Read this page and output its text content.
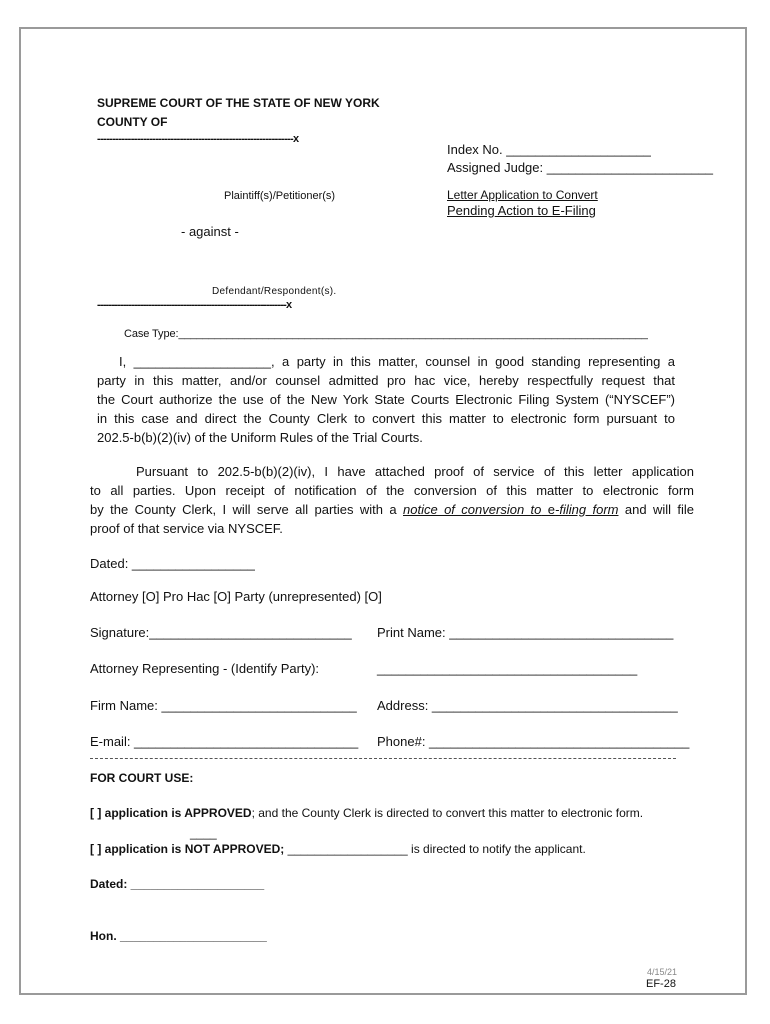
SUPREME COURT OF THE STATE OF NEW YORK
COUNTY OF
----------------------------------------------------------------x
Plaintiff(s)/Petitioner(s)
- against -
Defendant/Respondent(s).
------------------------------------------------------------------x
Index No. ____________________
Assigned Judge: _______________________
Letter Application to Convert
Pending Action to E-Filing
Case Type:______________________________________________________________________________
I, ___________________, a party in this matter, counsel in good standing representing a
party in this matter, and/or counsel admitted pro hac vice, hereby respectfully request that
the Court authorize the use of the New York State Courts Electronic Filing System (“NYSCEF”)
in this case and direct the County Clerk to convert this matter to electronic form pursuant to
202.5-b(b)(2)(iv) of the Uniform Rules of the Trial Courts.
Pursuant to 202.5-b(b)(2)(iv), I have attached proof of service of this letter application
to all parties. Upon receipt of notification of the conversion of this matter to electronic form
by the County Clerk, I will serve all parties with a notice of conversion to e-filing form and will file
proof of that service via NYSCEF.
Dated: _________________
Attorney [O] Pro Hac [O] Party (unrepresented) [O]
Signature:____________________________ Print Name: _______________________________
Attorney Representing - (Identify Party):	____________________________________
Firm Name: ___________________________ Address: __________________________________
E-mail: _______________________________ Phone#: ____________________________________
FOR COURT USE:
[ ] application is APPROVED; and the County Clerk is directed to convert this matter to electronic form.
____
[ ] application is NOT APPROVED; __________________ is directed to notify the applicant.
Dated: ____________________
Hon. ______________________
4/15/21
EF-28
